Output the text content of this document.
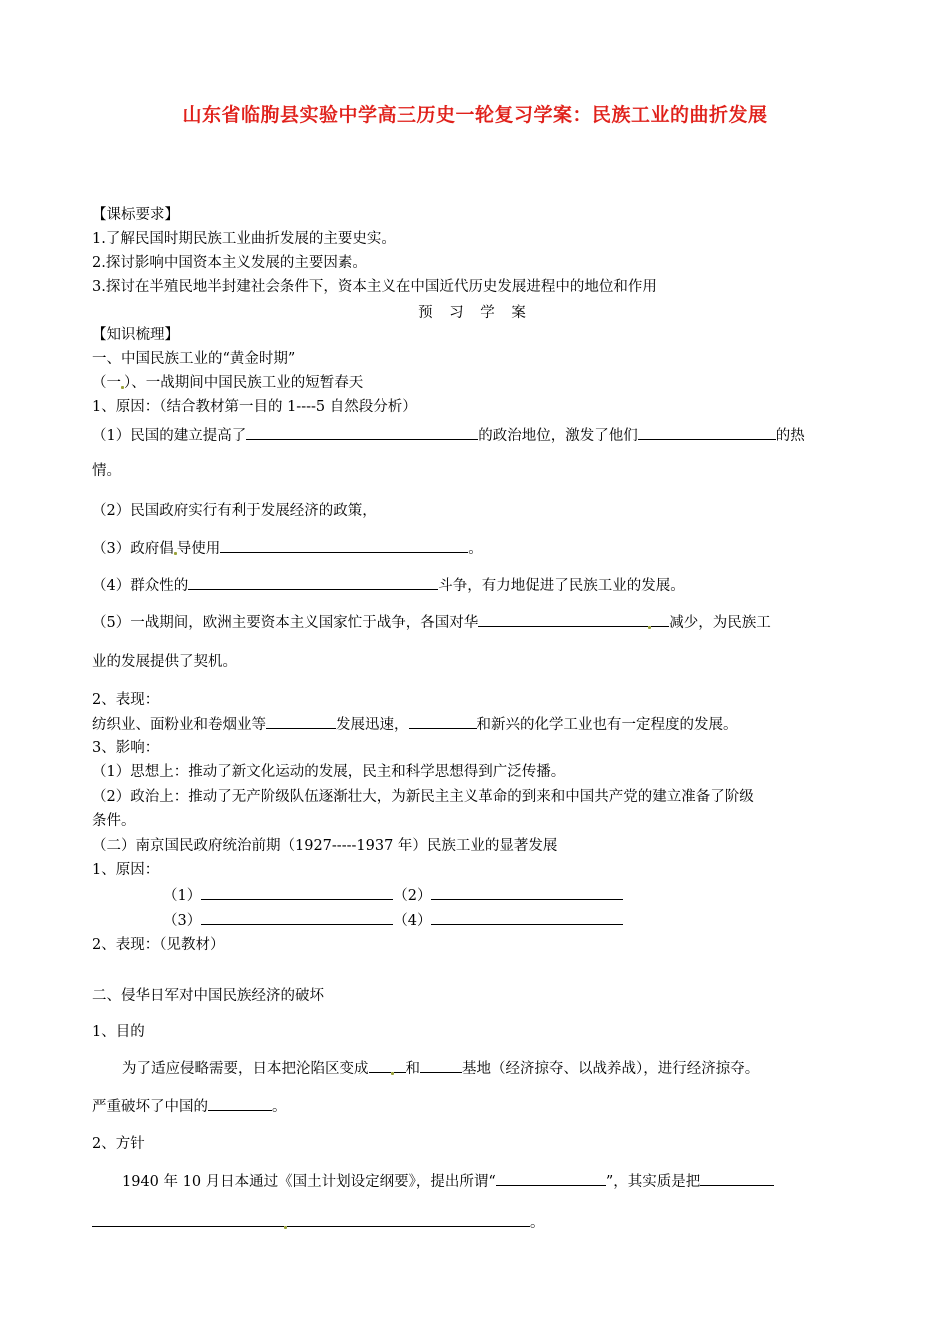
山东省临朐县实验中学高三历史一轮复习学案：民族工业的曲折发展
【课标要求】
1.了解民国时期民族工业曲折发展的主要史实。
2.探讨影响中国资本主义发展的主要因素。
3.探讨在半殖民地半封建社会条件下，资本主义在中国近代历史发展进程中的地位和作用
预 习 学 案
【知识梳理】
一、中国民族工业的“黄金时期”
（一 ）、一战期间中国民族工业的短暂春天
1、原因：（结合教材第一目的 1----5 自然段分析）
（1）民国的建立提高了	的政治地位，激发了他们	的热
情。
（2）民国政府实行有利于发展经济的政策，
（3）政府倡 导使用	。
（4）群众性的	斗争，有力地促进了民族工业的发展。
（5）一战期间，欧洲主要资本主义国家忙于战争，各国对华	减少，为民族工
业的发展提供了契机。
2、表现：
纺织业、面粉业和卷烟业等	发展迅速，	和新兴的化学工业也有一定程度的发展。
3、影响：
（1）思想上：推动了新文化运动的发展，民主和科学思想得到广泛传播。
（2）政治上：推动了无产阶级队伍逐渐壮大，为新民主主义革命的到来和中国共产党的建立准备了阶级
条件。
（二）南京国民政府统治前期（1927-----1937 年）民族工业的显著发展
1、原因：
（1）	（2）
（3）	（4）
2、表现：（见教材）
二、侵华日军对中国民族经济的破坏
1、目的
为了适应侵略需要，日本把沦陷区变成	和	基地（经济掠夺、以战养战），进行经济掠夺。
严重破坏了中国的	。
2、方针
1940 年 10 月日本通过《国土计划设定纲要》，提出所谓“	”，其实质是把
。
